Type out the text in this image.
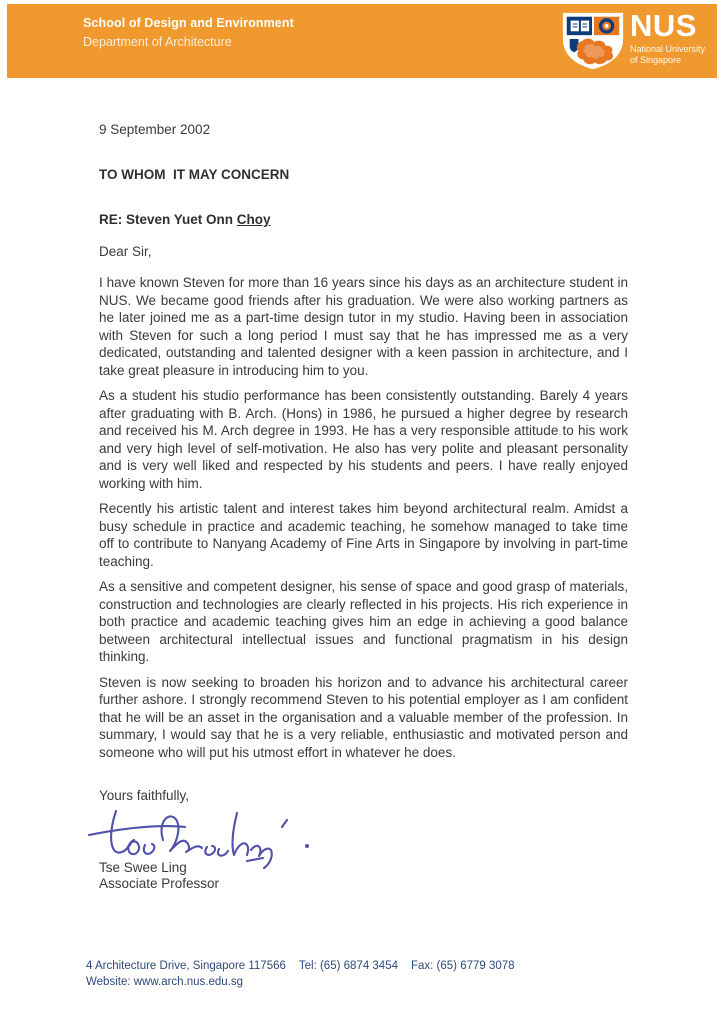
School of Design and Environment
Department of Architecture	NUS
National University
of Singapore

9 September 2002

TO WHOM  IT MAY CONCERN

RE: Steven Yuet Onn Choy

Dear Sir,

I have known Steven for more than 16 years since his days as an architecture student in NUS. We became good friends after his graduation. We were also working partners as he later joined me as a part-time design tutor in my studio. Having been in association with Steven for such a long period I must say that he has impressed me as a very dedicated, outstanding and talented designer with a keen passion in architecture, and I take great pleasure in introducing him to you.

As a student his studio performance has been consistently outstanding. Barely 4 years after graduating with B. Arch. (Hons) in 1986, he pursued a higher degree by research and received his M. Arch degree in 1993. He has a very responsible attitude to his work and very high level of self-motivation. He also has very polite and pleasant personality and is very well liked and respected by his students and peers. I have really enjoyed working with him.

Recently his artistic talent and interest takes him beyond architectural realm. Amidst a busy schedule in practice and academic teaching, he somehow managed to take time off to contribute to Nanyang Academy of Fine Arts in Singapore by involving in part-time teaching.

As a sensitive and competent designer, his sense of space and good grasp of materials, construction and technologies are clearly reflected in his projects. His rich experience in both practice and academic teaching gives him an edge in achieving a good balance between architectural intellectual issues and functional pragmatism in his design thinking.

Steven is now seeking to broaden his horizon and to advance his architectural career further ashore. I strongly recommend Steven to his potential employer as I am confident that he will be an asset in the organisation and a valuable member of the profession. In summary, I would say that he is a very reliable, enthusiastic and motivated person and someone who will put his utmost effort in whatever he does.

Yours faithfully,

Tse Swee Ling

Associate Professor

4 Architecture Drive, Singapore 117566 Tel: (65) 6874 3454 Fax: (65) 6779 3078
Website: www.arch.nus.edu.sg
